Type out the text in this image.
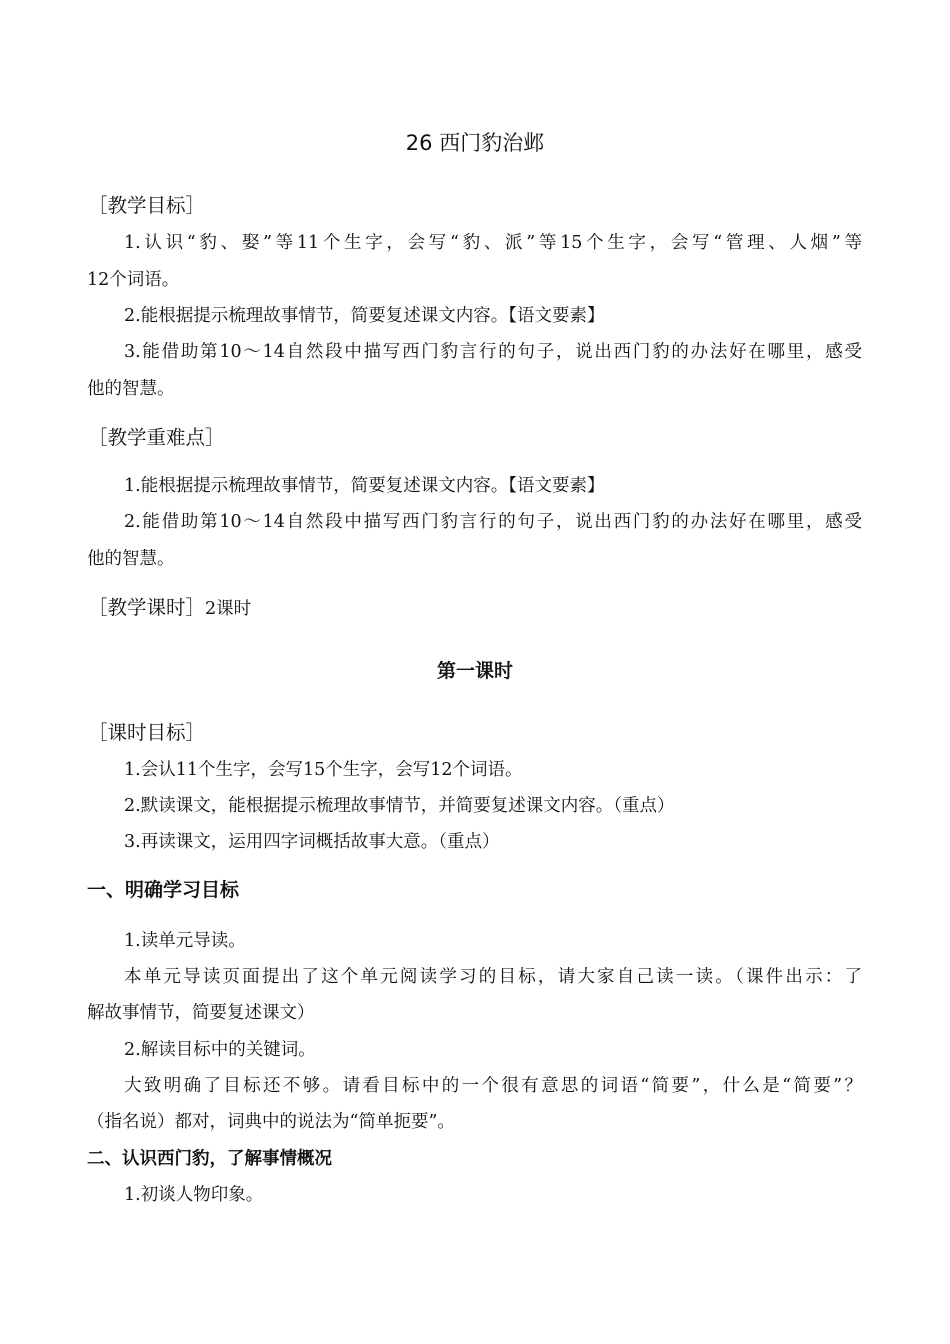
26 西门豹治邺
［教学目标］
1.认识“豹、娶”等11个生字，会写“豹、派”等15个生字，会写“管理、人烟”等
12个词语。
2.能根据提示梳理故事情节，简要复述课文内容。【语文要素】
3.能借助第10～14自然段中描写西门豹言行的句子，说出西门豹的办法好在哪里，感受
他的智慧。
［教学重难点］
1.能根据提示梳理故事情节，简要复述课文内容。【语文要素】
2.能借助第10～14自然段中描写西门豹言行的句子，说出西门豹的办法好在哪里，感受
他的智慧。
［教学课时］2课时
第一课时
［课时目标］
1.会认11个生字，会写15个生字，会写12个词语。
2.默读课文，能根据提示梳理故事情节，并简要复述课文内容。（重点）
3.再读课文，运用四字词概括故事大意。（重点）
一、明确学习目标
1.读单元导读。
本单元导读页面提出了这个单元阅读学习的目标，请大家自己读一读。（课件出示：了
解故事情节，简要复述课文）
2.解读目标中的关键词。
大致明确了目标还不够。请看目标中的一个很有意思的词语“简要”，什么是“简要”？
（指名说）都对，词典中的说法为“简单扼要”。
二、认识西门豹，了解事情概况
1.初谈人物印象。
